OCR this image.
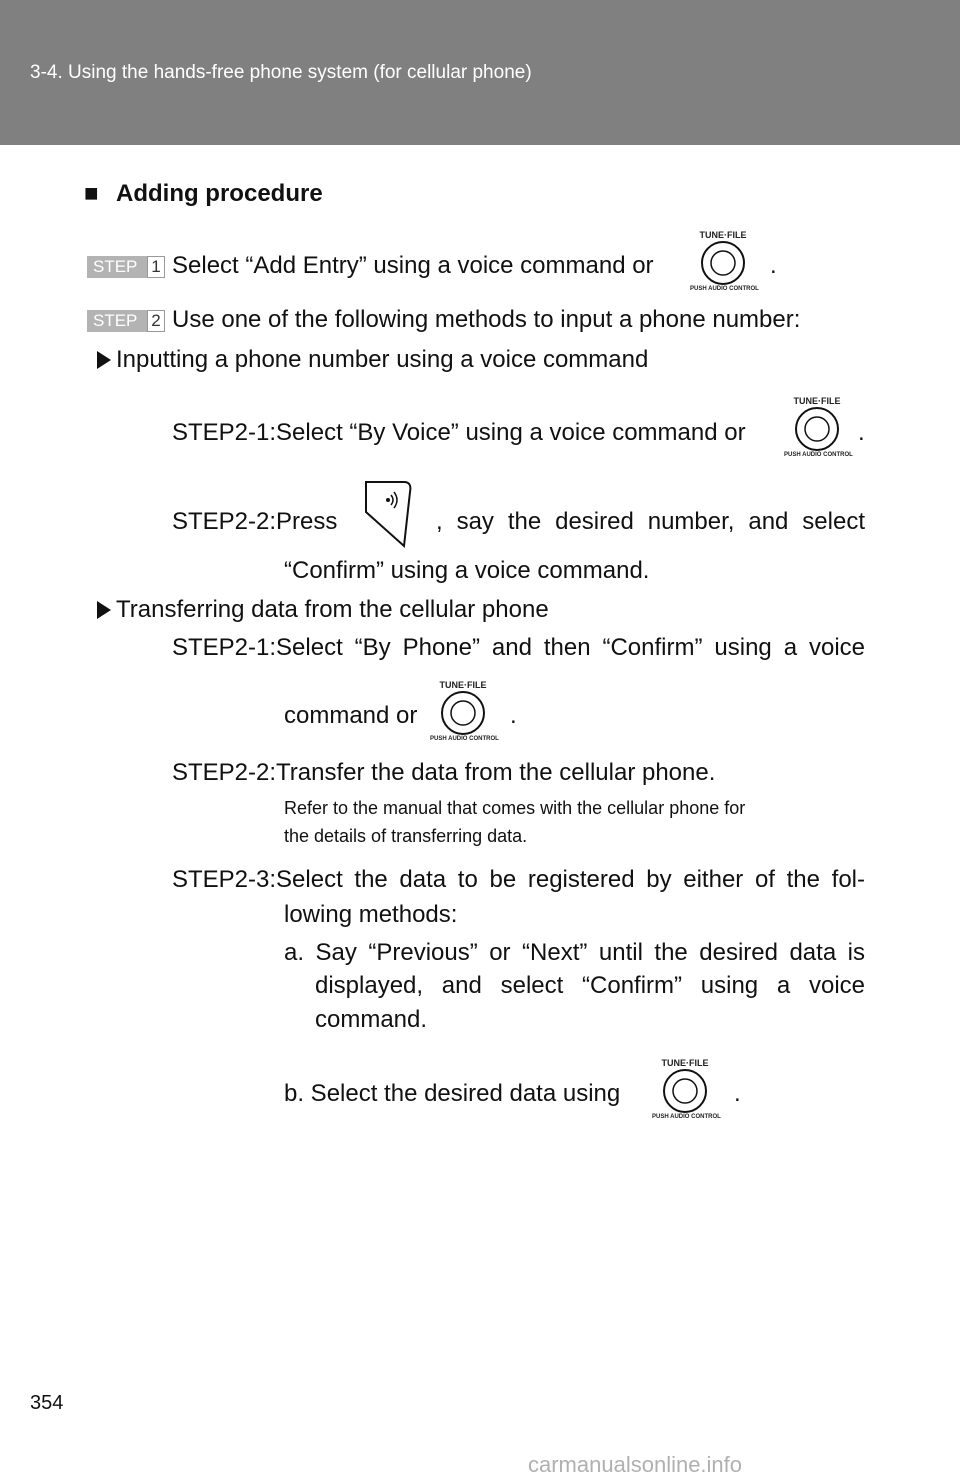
3-4. Using the hands-free phone system (for cellular phone)
■ Adding procedure
STEP 1 Select “Add Entry” using a voice command or
TUNE·FILE
PUSH AUDIO CONTROL
.
STEP 2 Use one of the following methods to input a phone number:
Inputting a phone number using a voice command
STEP2-1:Select “By Voice” using a voice command or
TUNE·FILE
PUSH AUDIO CONTROL
.
STEP2-2:Press	, say the desired number, and select
“Confirm” using a voice command.
Transferring data from the cellular phone
STEP2-1:Select “By Phone” and then “Confirm” using a voice
command or
TUNE·FILE
PUSH AUDIO CONTROL
.
STEP2-2:Transfer the data from the cellular phone.
Refer to the manual that comes with the cellular phone for
the details of transferring data.
STEP2-3:Select the data to be registered by either of the fol-
lowing methods:
a. Say “Previous” or “Next” until the desired data is
displayed, and select “Confirm” using a voice
command.
b. Select the desired data using
TUNE·FILE
PUSH AUDIO CONTROL
.
354
carmanualsonline.info
